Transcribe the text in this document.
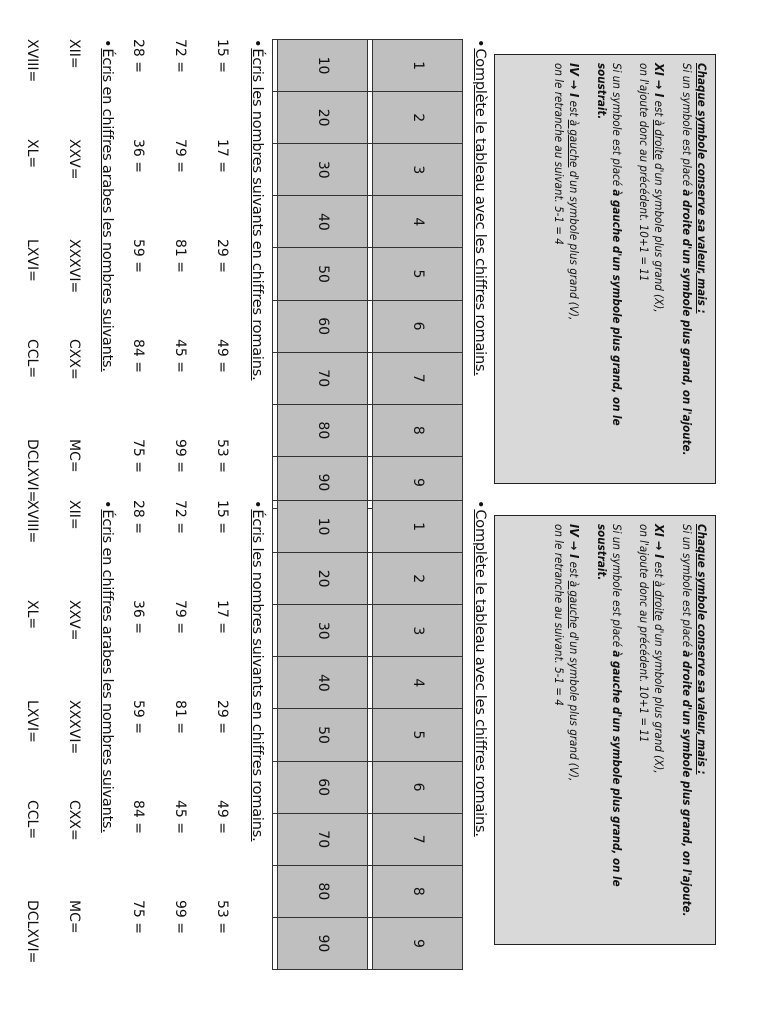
Chaque symbole conserve sa valeur, mais :

Si un symbole est placé à droite d'un symbole plus grand, on l'ajoute.

XI → I est à droite d'un symbole plus grand (X),

on l'ajoute donc au précédent. 10+1 = 11

Si un symbole est placé à gauche d'un symbole plus grand, on le soustrait.

IV → I est à gauche d'un symbole plus grand (V),

on le retranche au suivant. 5-1 = 4

•Complète le tableau avec les chiffres romains.
1	2	3	4	5	6	7	8	9

10	20	30	40	50	60	70	80	90

•Écris les nombres suivants en chiffres romains.
15 =
17 =
29 =
49 =
53 =
72 =
79 =
81 =
45 =
99 =
28 =
36 =
59 =
84 =
75 =
•Écris en chiffres arabes les nombres suivants.
XII=
XXV=
XXXVI=
CXX=
MC=
XVIII=
XL=
LXVI=
CCL=
DCLXVI=

Chaque symbole conserve sa valeur, mais :

Si un symbole est placé à droite d'un symbole plus grand, on l'ajoute.

XI → I est à droite d'un symbole plus grand (X),

on l'ajoute donc au précédent. 10+1 = 11

Si un symbole est placé à gauche d'un symbole plus grand, on le soustrait.

IV → I est à gauche d'un symbole plus grand (V),

on le retranche au suivant. 5-1 = 4

•Complète le tableau avec les chiffres romains.
1	2	3	4	5	6	7	8	9

10	20	30	40	50	60	70	80	90

•Écris les nombres suivants en chiffres romains.
15 =
17 =
29 =
49 =
53 =
72 =
79 =
81 =
45 =
99 =
28 =
36 =
59 =
84 =
75 =
•Écris en chiffres arabes les nombres suivants.
XII=
XXV=
XXXVI=
CXX=
MC=
XVIII=
XL=
LXVI=
CCL=
DCLXVI=
